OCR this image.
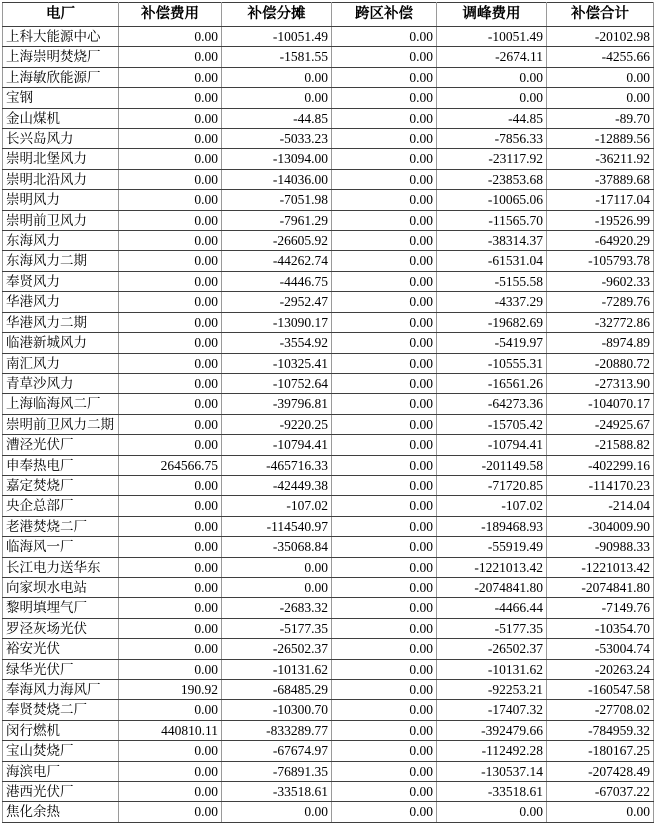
电厂	补偿费用	补偿分摊	跨区补偿	调峰费用	补偿合计
上科大能源中心	0.00	-10051.49	0.00	-10051.49	-20102.98
上海崇明焚烧厂	0.00	-1581.55	0.00	-2674.11	-4255.66
上海敏欣能源厂	0.00	0.00	0.00	0.00	0.00
宝钢	0.00	0.00	0.00	0.00	0.00
金山煤机	0.00	-44.85	0.00	-44.85	-89.70
长兴岛风力	0.00	-5033.23	0.00	-7856.33	-12889.56
崇明北堡风力	0.00	-13094.00	0.00	-23117.92	-36211.92
崇明北沿风力	0.00	-14036.00	0.00	-23853.68	-37889.68
崇明风力	0.00	-7051.98	0.00	-10065.06	-17117.04
崇明前卫风力	0.00	-7961.29	0.00	-11565.70	-19526.99
东海风力	0.00	-26605.92	0.00	-38314.37	-64920.29
东海风力二期	0.00	-44262.74	0.00	-61531.04	-105793.78
奉贤风力	0.00	-4446.75	0.00	-5155.58	-9602.33
华港风力	0.00	-2952.47	0.00	-4337.29	-7289.76
华港风力二期	0.00	-13090.17	0.00	-19682.69	-32772.86
临港新城风力	0.00	-3554.92	0.00	-5419.97	-8974.89
南汇风力	0.00	-10325.41	0.00	-10555.31	-20880.72
青草沙风力	0.00	-10752.64	0.00	-16561.26	-27313.90
上海临海风二厂	0.00	-39796.81	0.00	-64273.36	-104070.17
崇明前卫风力二期	0.00	-9220.25	0.00	-15705.42	-24925.67
漕泾光伏厂	0.00	-10794.41	0.00	-10794.41	-21588.82
申奉热电厂	264566.75	-465716.33	0.00	-201149.58	-402299.16
嘉定焚烧厂	0.00	-42449.38	0.00	-71720.85	-114170.23
央企总部厂	0.00	-107.02	0.00	-107.02	-214.04
老港焚烧二厂	0.00	-114540.97	0.00	-189468.93	-304009.90
临海风一厂	0.00	-35068.84	0.00	-55919.49	-90988.33
长江电力送华东	0.00	0.00	0.00	-1221013.42	-1221013.42
向家坝水电站	0.00	0.00	0.00	-2074841.80	-2074841.80
黎明填埋气厂	0.00	-2683.32	0.00	-4466.44	-7149.76
罗泾灰场光伏	0.00	-5177.35	0.00	-5177.35	-10354.70
裕安光伏	0.00	-26502.37	0.00	-26502.37	-53004.74
绿华光伏厂	0.00	-10131.62	0.00	-10131.62	-20263.24
奉海风力海风厂	190.92	-68485.29	0.00	-92253.21	-160547.58
奉贤焚烧二厂	0.00	-10300.70	0.00	-17407.32	-27708.02
闵行燃机	440810.11	-833289.77	0.00	-392479.66	-784959.32
宝山焚烧厂	0.00	-67674.97	0.00	-112492.28	-180167.25
海滨电厂	0.00	-76891.35	0.00	-130537.14	-207428.49
港西光伏厂	0.00	-33518.61	0.00	-33518.61	-67037.22
焦化余热	0.00	0.00	0.00	0.00	0.00
